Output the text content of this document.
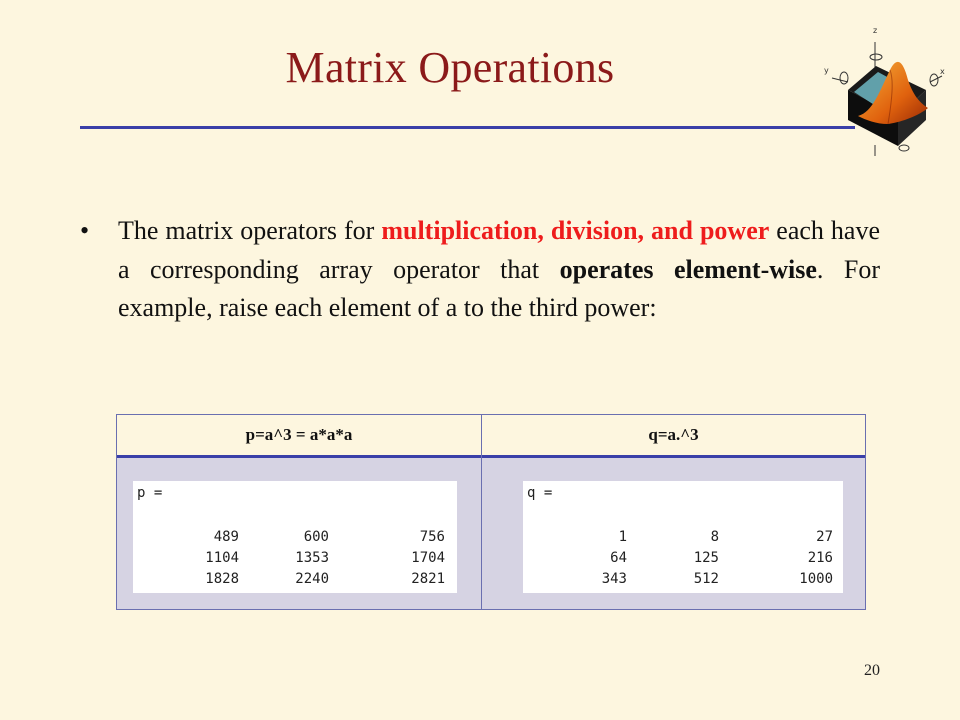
Matrix Operations
z
y	x
• The matrix operators for multiplication, division, and power each have a corresponding array operator that operates element-wise. For example, raise each element of a to the third power:
p=a^3 = a*a*a	q=a.^3
p =
489	600	756
1104	1353	1704
1828	2240	2821
q =
1	8	27
64	125	216
343	512	1000
20
